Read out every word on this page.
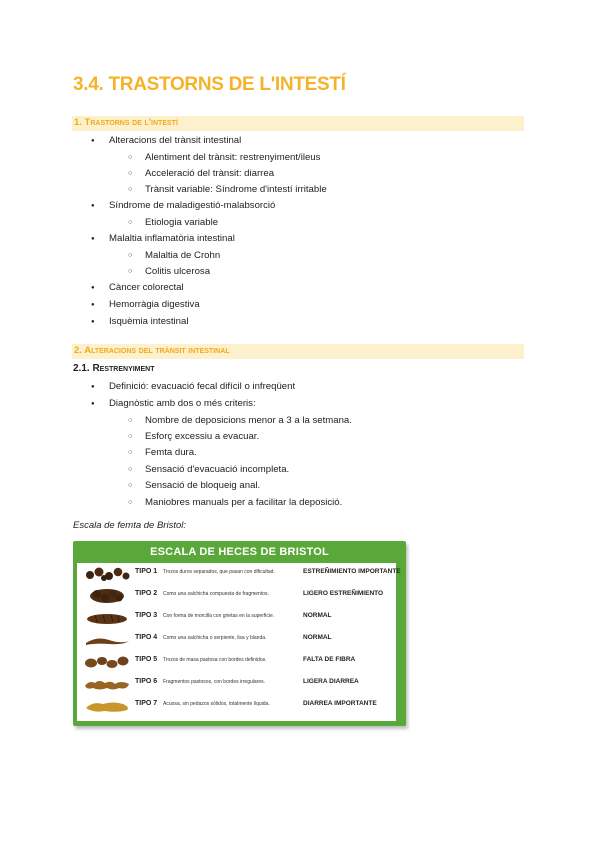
3.4. TRASTORNS DE L'INTESTÍ
1. Trastorns de l'intestí
● Alteracions del trànsit intestinal
○ Alentiment del trànsit: restrenyiment/ileus
○ Acceleració del trànsit: diarrea
○ Trànsit variable: Síndrome d'intestí irritable
● Síndrome de maladigestió-malabsorció
○ Etiologia variable
● Malaltia inflamatòria intestinal
○ Malaltia de Crohn
○ Colitis ulcerosa
● Càncer colorectal
● Hemorràgia digestiva
● Isquèmia intestinal
2. Alteracions del trànsit intestinal
2.1. Restrenyiment
● Definició: evacuació fecal difícil o infreqüent
● Diagnòstic amb dos o més criteris:
○ Nombre de deposicions menor a 3 a la setmana.
○ Esforç excessiu a evacuar.
○ Femta dura.
○ Sensació d'evacuació incompleta.
○ Sensació de bloqueig anal.
○ Maniobres manuals per a facilitar la deposició.
Escala de femta de Bristol:
ESCALA DE HECES DE BRISTOL
TIPO 1 Trozos duros separados, que pasan con dificultad.	ESTREÑIMIENTO IMPORTANTE
TIPO 2 Como una salchicha compuesta de fragmentos.	LIGERO ESTREÑIMIENTO
TIPO 3 Con forma de morcilla con grietas en la superficie.	NORMAL
TIPO 4 Como una salchicha o serpiente, lisa y blanda.	NORMAL
TIPO 5 Trozos de masa pastosa con bordes definidos.	FALTA DE FIBRA
TIPO 6 Fragmentos pastosos, con bordes irregulares.	LIGERA DIARREA
TIPO 7 Acuosa, sin pedazos sólidos, totalmente líquida.	DIARREA IMPORTANTE
